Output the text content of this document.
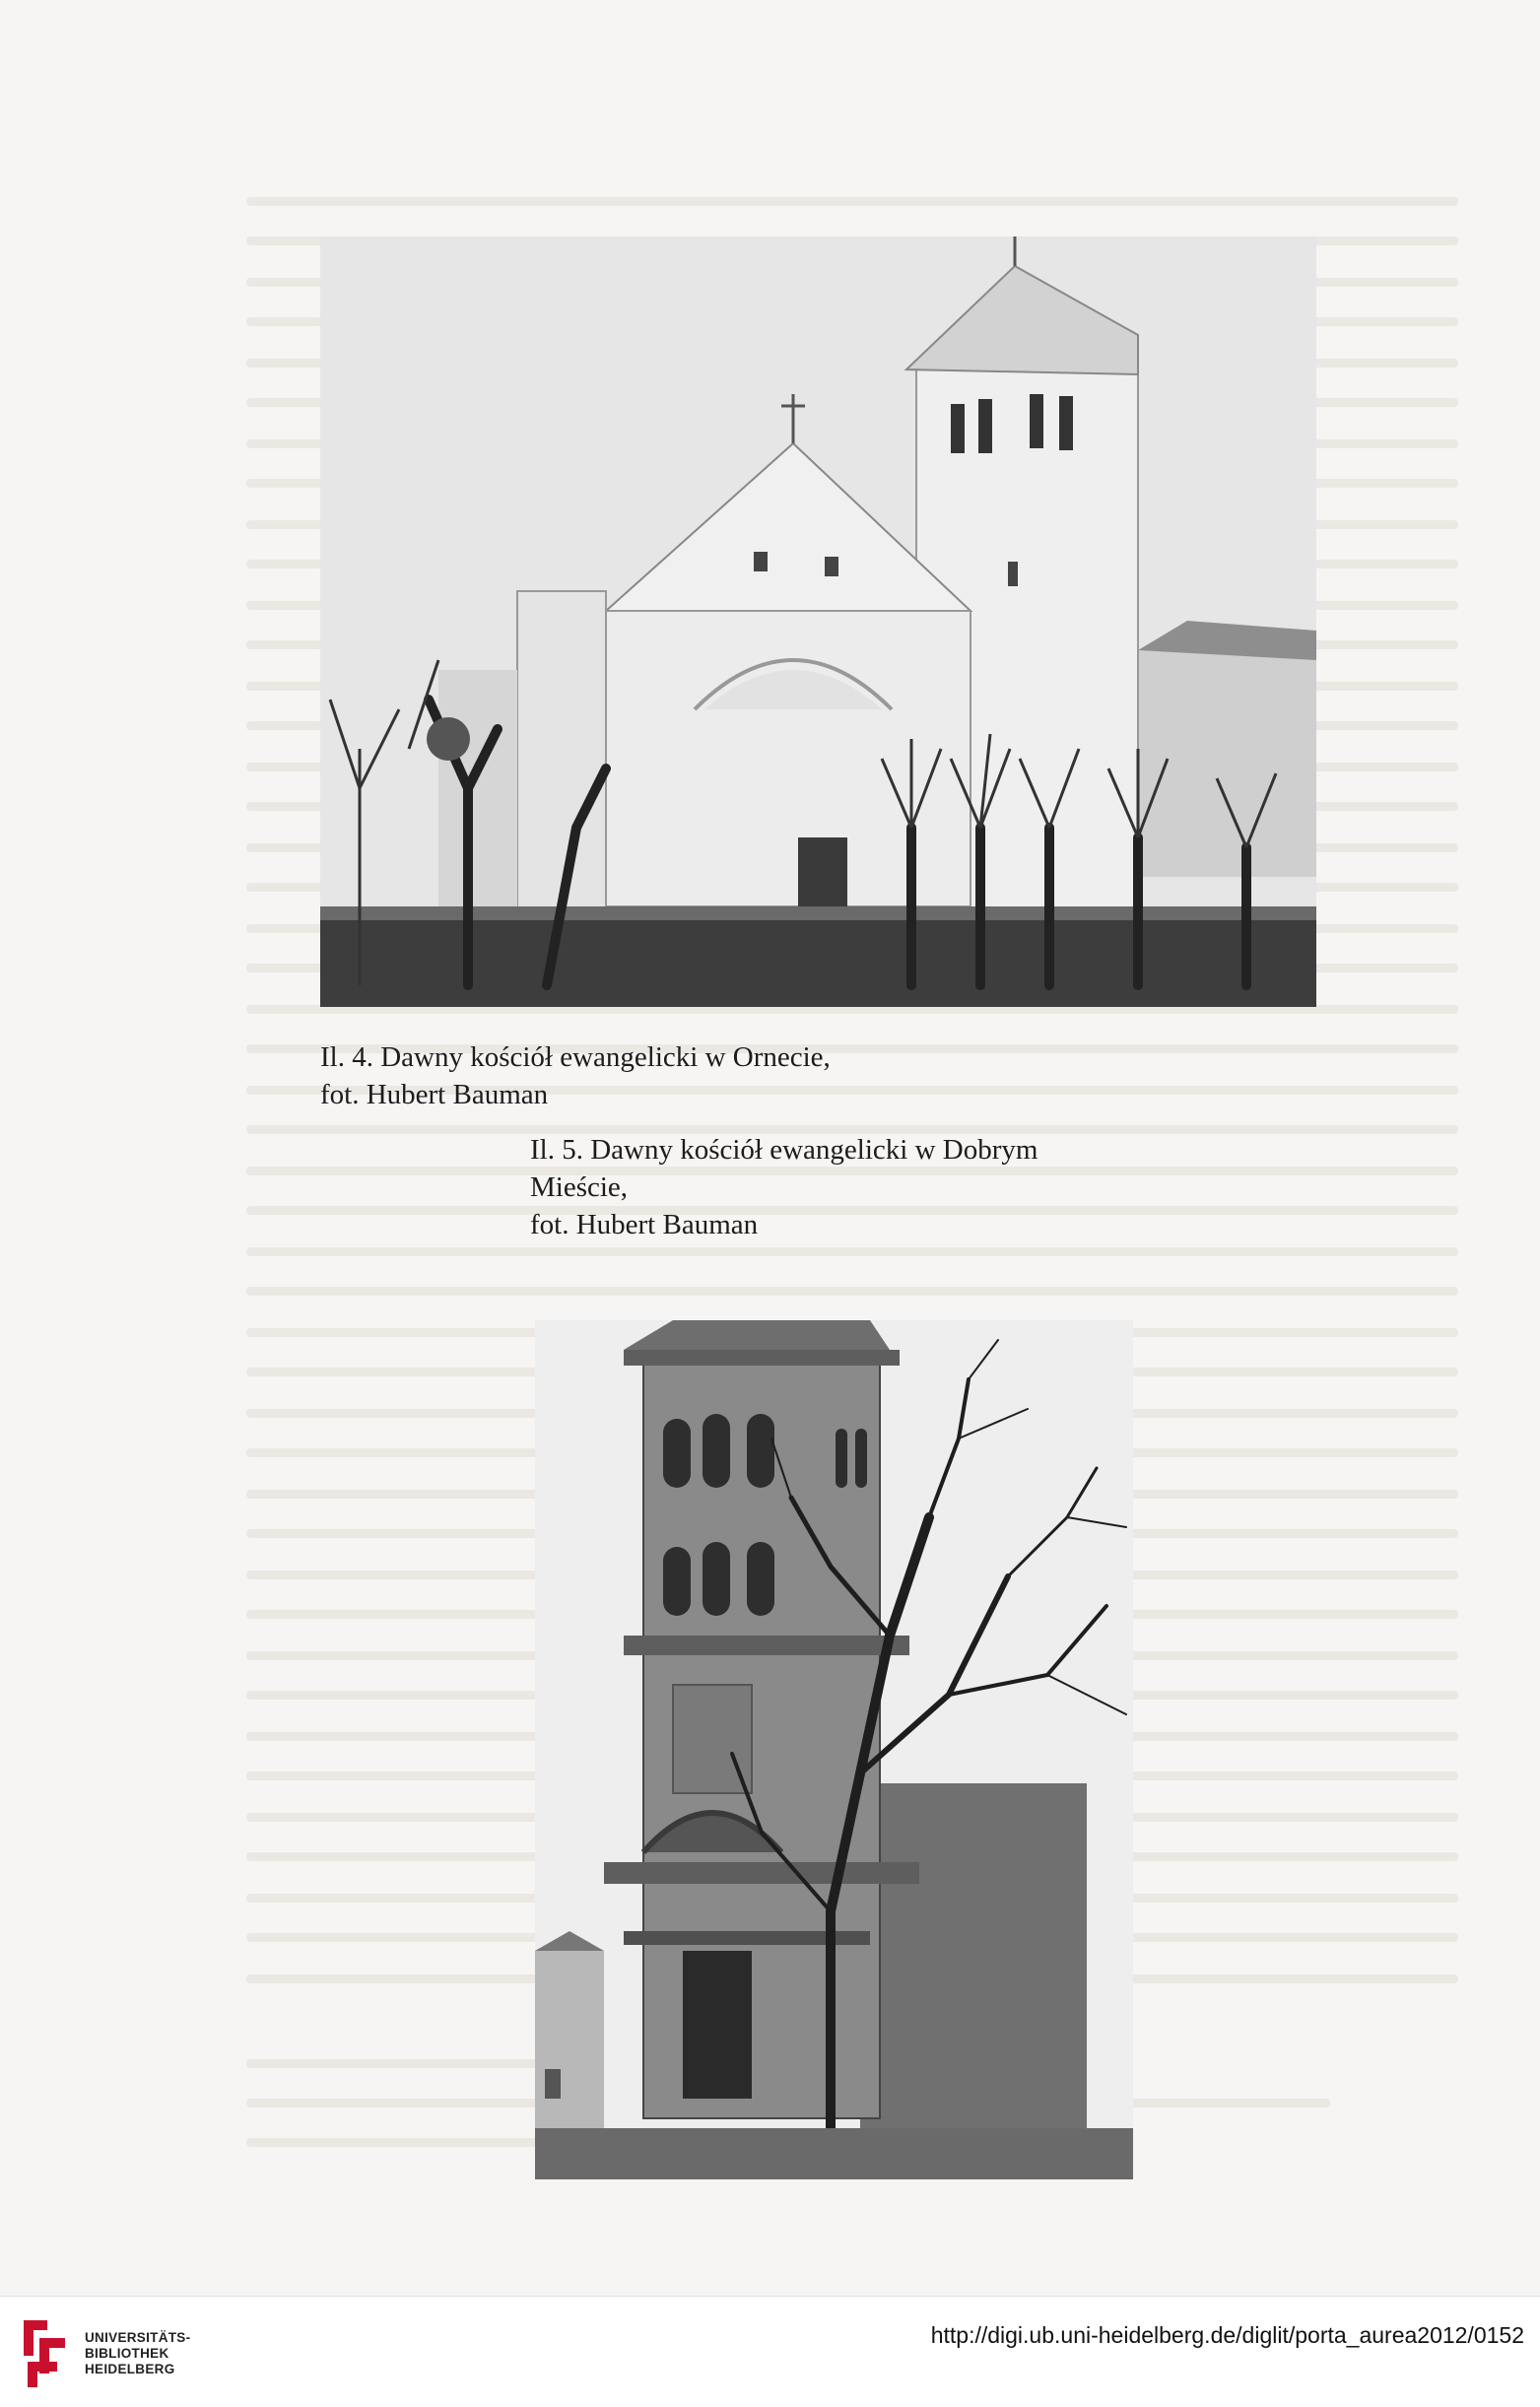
Il. 4. Dawny kościół ewangelicki w Ornecie,
fot. Hubert Bauman
Il. 5. Dawny kościół ewangelicki w Dobrym
Mieście,
fot. Hubert Bauman
UNIVERSITÄTS-
BIBLIOTHEK
HEIDELBERG
http://digi.ub.uni-heidelberg.de/diglit/porta_aurea2012/0152
